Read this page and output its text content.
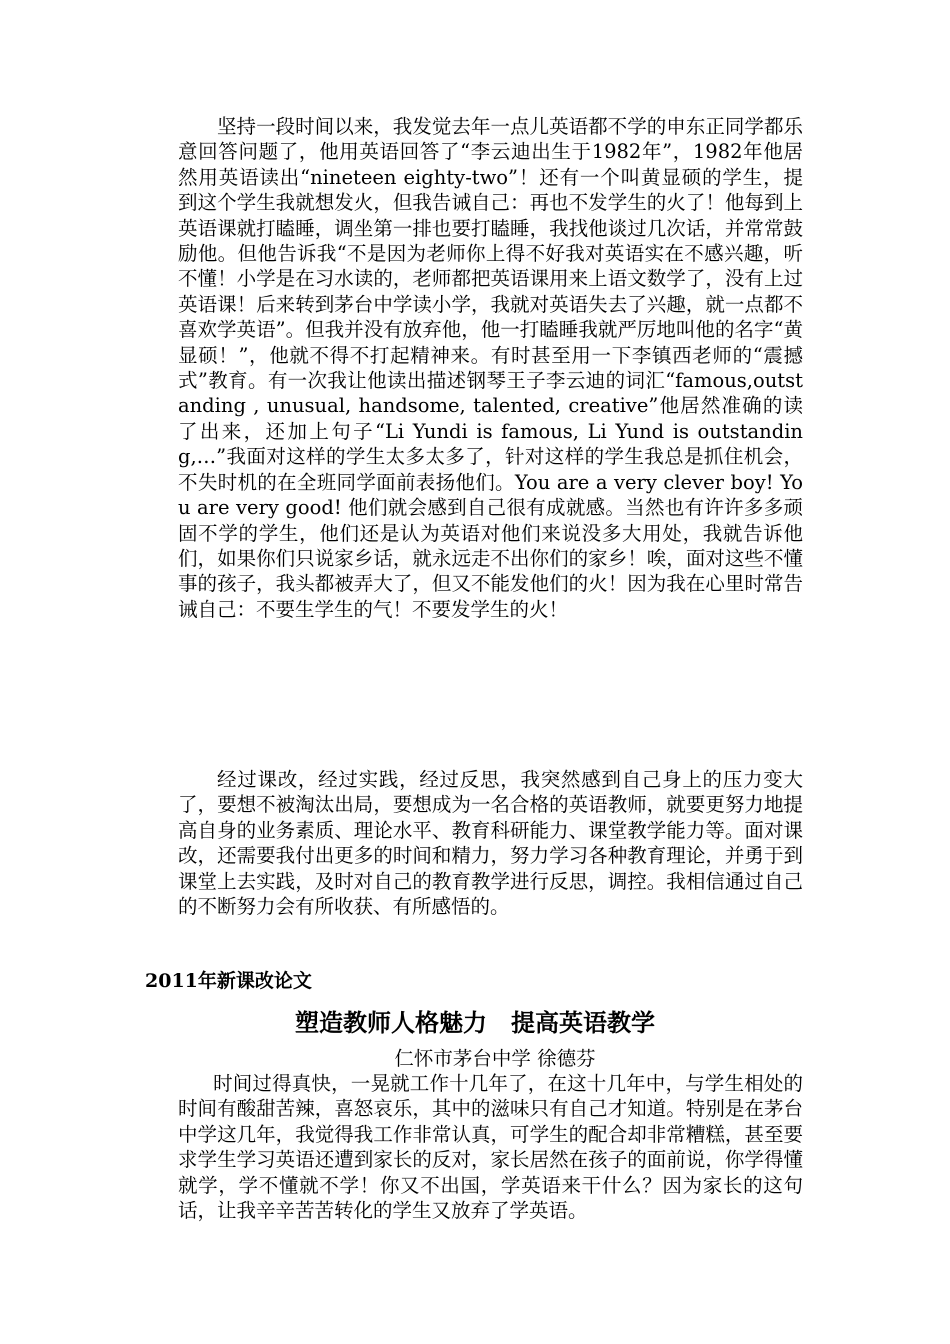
坚持一段时间以来，我发觉去年一点儿英语都不学的申东正同学都乐意回答问题了，他用英语回答了“李云迪出生于1982年”，1982年他居然用英语读出“nineteen eighty-two”！还有一个叫黄显硕的学生，提到这个学生我就想发火，但我告诫自己：再也不发学生的火了！他每到上英语课就打瞌睡，调坐第一排也要打瞌睡，我找他谈过几次话，并常常鼓励他。但他告诉我“不是因为老师你上得不好我对英语实在不感兴趣，听不懂！小学是在习水读的，老师都把英语课用来上语文数学了，没有上过英语课！后来转到茅台中学读小学，我就对英语失去了兴趣，就一点都不喜欢学英语”。但我并没有放弃他，他一打瞌睡我就严厉地叫他的名字“黄显硕！”，他就不得不打起精神来。有时甚至用一下李镇西老师的“震撼式”教育。有一次我让他读出描述钢琴王子李云迪的词汇“famous,outstanding , unusual, handsome, talented, creative”他居然准确的读了出来，还加上句子“Li Yundi is famous, Li Yund is outstanding,…”我面对这样的学生太多太多了，针对这样的学生我总是抓住机会，不失时机的在全班同学面前表扬他们。You are a very clever boy! You are very good! 他们就会感到自己很有成就感。当然也有许许多多顽固不学的学生，他们还是认为英语对他们来说没多大用处，我就告诉他们，如果你们只说家乡话，就永远走不出你们的家乡！唉，面对这些不懂事的孩子，我头都被弄大了，但又不能发他们的火！因为我在心里时常告诫自己：不要生学生的气！不要发学生的火！

经过课改，经过实践，经过反思，我突然感到自己身上的压力变大了，要想不被淘汰出局，要想成为一名合格的英语教师，就要更努力地提高自身的业务素质、理论水平、教育科研能力、课堂教学能力等。面对课改，还需要我付出更多的时间和精力，努力学习各种教育理论，并勇于到课堂上去实践，及时对自己的教育教学进行反思，调控。我相信通过自己的不断努力会有所收获、有所感悟的。

2011年新课改论文

塑造教师人格魅力　提高英语教学

仁怀市茅台中学 徐德芬

时间过得真快，一晃就工作十几年了，在这十几年中，与学生相处的时间有酸甜苦辣，喜怒哀乐，其中的滋味只有自己才知道。特别是在茅台中学这几年，我觉得我工作非常认真，可学生的配合却非常糟糕，甚至要求学生学习英语还遭到家长的反对，家长居然在孩子的面前说，你学得懂就学，学不懂就不学！你又不出国，学英语来干什么？因为家长的这句话，让我辛辛苦苦转化的学生又放弃了学英语。
